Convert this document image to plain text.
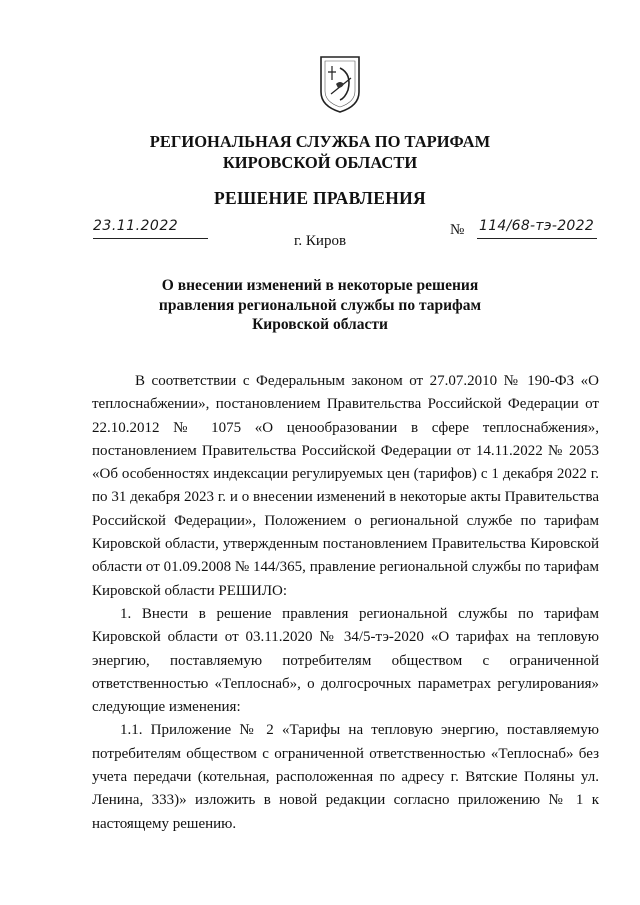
РЕГИОНАЛЬНАЯ СЛУЖБА ПО ТАРИФАМ
КИРОВСКОЙ ОБЛАСТИ
РЕШЕНИЕ ПРАВЛЕНИЯ
23.11.2022	№ 114/68-тэ-2022
г. Киров
О внесении изменений в некоторые решения
правления региональной службы по тарифам
Кировской области

В соответствии с Федеральным законом от 27.07.2010 № 190-ФЗ «О теплоснабжении», постановлением Правительства Российской Федерации от 22.10.2012 № 1075 «О ценообразовании в сфере теплоснабжения», постановлением Правительства Российской Федерации от 14.11.2022 № 2053 «Об особенностях индексации регулируемых цен (тарифов) с 1 декабря 2022 г. по 31 декабря 2023 г. и о внесении изменений в некоторые акты Правительства Российской Федерации», Положением о региональной службе по тарифам Кировской области, утвержденным постановлением Правительства Кировской области от 01.09.2008 № 144/365, правление региональной службы по тарифам Кировской области РЕШИЛО:

1. Внести в решение правления региональной службы по тарифам Кировской области от 03.11.2020 № 34/5-тэ-2020 «О тарифах на тепловую энергию, поставляемую потребителям обществом с ограниченной ответственностью «Теплоснаб», о долгосрочных параметрах регулирования» следующие изменения:

1.1. Приложение № 2 «Тарифы на тепловую энергию, поставляемую потребителям обществом с ограниченной ответственностью «Теплоснаб» без учета передачи (котельная, расположенная по адресу г. Вятские Поляны ул. Ленина, 333)» изложить в новой редакции согласно приложению № 1 к настоящему решению.
